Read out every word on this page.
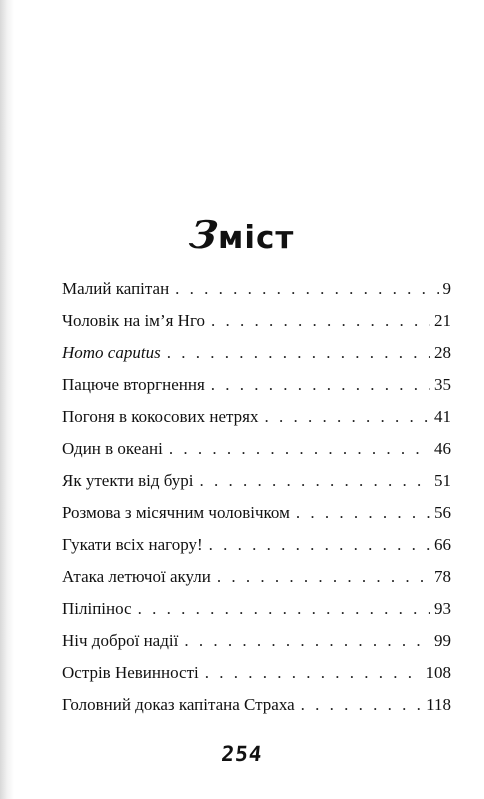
Зміст
Малий капітан . . .	9
Чоловік на ім’я Нго . . .	21
Homo caputus . . .	28
Пацюче вторгнення . . .	35
Погоня в кокосових нетрях . . .	41
Один в океані . . .	46
Як утекти від бурі . . .	51
Розмова з місячним чоловічком . . .	56
Гукати всіх нагору! . . .	66
Атака летючої акули . . .	78
Піліпінос . . .	93
Ніч доброї надії . . .	99
Острів Невинності . . .	108
Головний доказ капітана Страха . . .	118
254
